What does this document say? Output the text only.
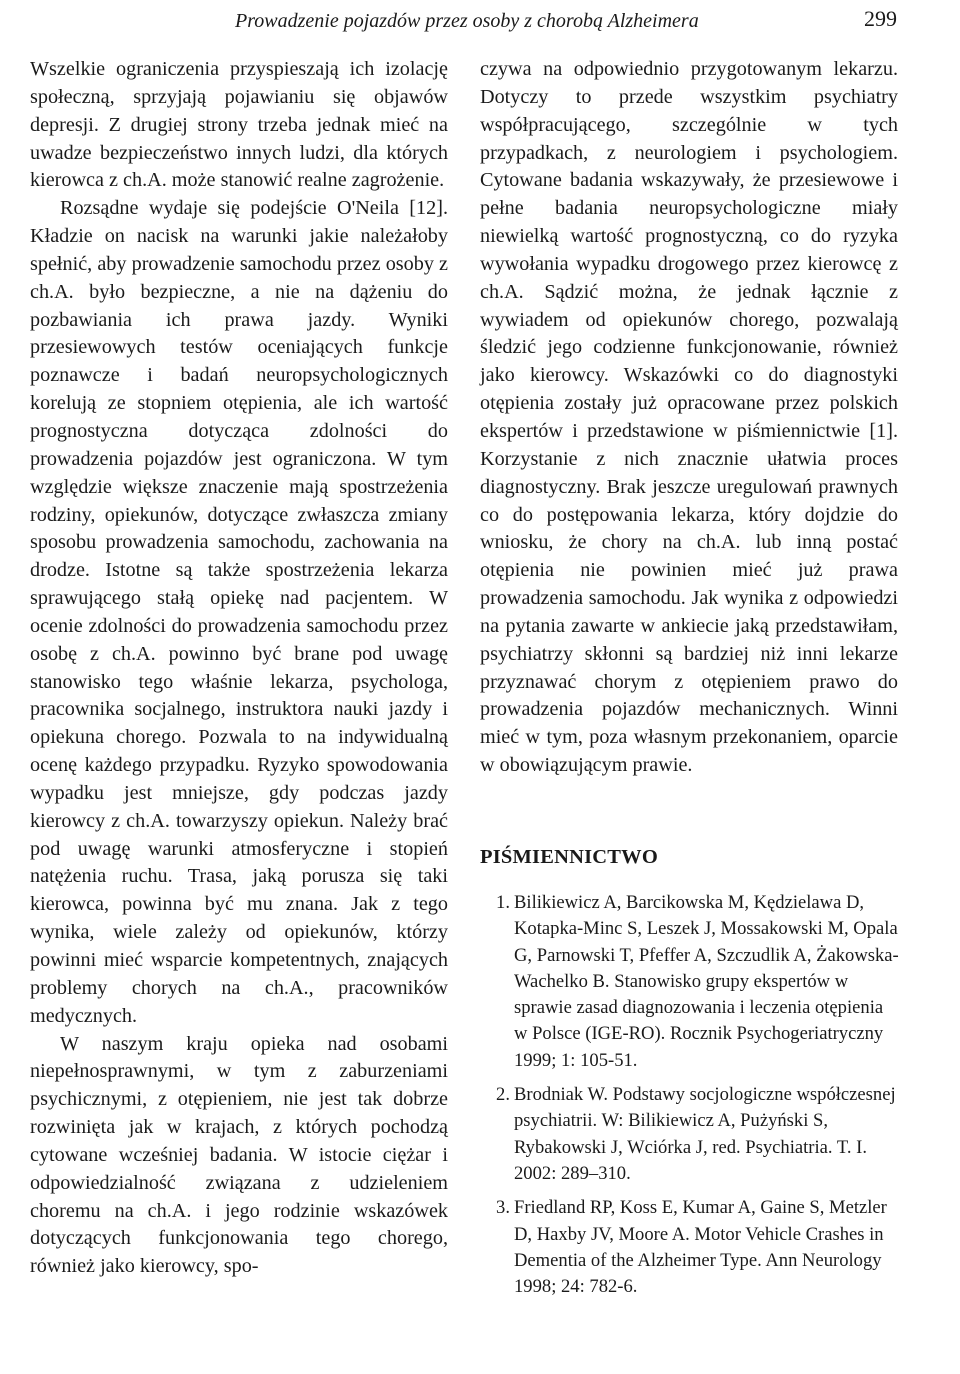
Prowadzenie pojazdów przez osoby z chorobą Alzheimera	299

Wszelkie ograniczenia przyspieszają ich izolację społeczną, sprzyjają pojawianiu się objawów depresji. Z drugiej strony trzeba jednak mieć na uwadze bezpieczeństwo innych ludzi, dla których kierowca z ch.A. może stanowić realne zagrożenie.

Rozsądne wydaje się podejście O'Neila [12]. Kładzie on nacisk na warunki jakie należałoby spełnić, aby prowadzenie samochodu przez osoby z ch.A. było bezpieczne, a nie na dążeniu do pozbawiania ich prawa jazdy. Wyniki przesiewowych testów oceniających funkcje poznawcze i badań neuropsychologicznych korelują ze stopniem otępienia, ale ich wartość prognostyczna dotycząca zdolności do prowadzenia pojazdów jest ograniczona. W tym względzie większe znaczenie mają spostrzeżenia rodziny, opiekunów, dotyczące zwłaszcza zmiany sposobu prowadzenia samochodu, zachowania na drodze. Istotne są także spostrzeżenia lekarza sprawującego stałą opiekę nad pacjentem. W ocenie zdolności do prowadzenia samochodu przez osobę z ch.A. powinno być brane pod uwagę stanowisko tego właśnie lekarza, psychologa, pracownika socjalnego, instruktora nauki jazdy i opiekuna chorego. Pozwala to na indywidualną ocenę każdego przypadku. Ryzyko spowodowania wypadku jest mniejsze, gdy podczas jazdy kierowcy z ch.A. towarzyszy opiekun. Należy brać pod uwagę warunki atmosferyczne i stopień natężenia ruchu. Trasa, jaką porusza się taki kierowca, powinna być mu znana. Jak z tego wynika, wiele zależy od opiekunów, którzy powinni mieć wsparcie kompetentnych, znających problemy chorych na ch.A., pracowników medycznych.

W naszym kraju opieka nad osobami niepełnosprawnymi, w tym z zaburzeniami psychicznymi, z otępieniem, nie jest tak dobrze rozwinięta jak w krajach, z których pochodzą cytowane wcześniej badania. W istocie ciężar i odpowiedzialność związana z udzieleniem choremu na ch.A. i jego rodzinie wskazówek dotyczących funkcjonowania tego chorego, również jako kierowcy, spo-

czywa na odpowiednio przygotowanym lekarzu. Dotyczy to przede wszystkim psychiatry współpracującego, szczególnie w tych przypadkach, z neurologiem i psychologiem. Cytowane badania wskazywały, że przesiewowe i pełne badania neuropsychologiczne miały niewielką wartość prognostyczną, co do ryzyka wywołania wypadku drogowego przez kierowcę z ch.A. Sądzić można, że jednak łącznie z wywiadem od opiekunów chorego, pozwalają śledzić jego codzienne funkcjonowanie, również jako kierowcy. Wskazówki co do diagnostyki otępienia zostały już opracowane przez polskich ekspertów i przedstawione w piśmiennictwie [1]. Korzystanie z nich znacznie ułatwia proces diagnostyczny. Brak jeszcze uregulowań prawnych co do postępowania lekarza, który dojdzie do wniosku, że chory na ch.A. lub inną postać otępienia nie powinien mieć już prawa prowadzenia samochodu. Jak wynika z odpowiedzi na pytania zawarte w ankiecie jaką przedstawiłam, psychiatrzy skłonni są bardziej niż inni lekarze przyznawać chorym z otępieniem prawo do prowadzenia pojazdów mechanicznych. Winni mieć w tym, poza własnym przekonaniem, oparcie w obowiązującym prawie.

PIŚMIENNICTWO
1. Bilikiewicz A, Barcikowska M, Kędzielawa D, Kotapka-Minc S, Leszek J, Mossakowski M, Opala G, Parnowski T, Pfeffer A, Szczudlik A, Żakowska-Wachelko B. Stanowisko grupy ekspertów w sprawie zasad diagnozowania i leczenia otępienia w Polsce (IGE-RO). Rocznik Psychogeriatryczny 1999; 1: 105-51.
2. Brodniak W. Podstawy socjologiczne współczesnej psychiatrii. W: Bilikiewicz A, Pużyński S, Rybakowski J, Wciórka J, red. Psychiatria. T. I. 2002: 289–310.
3. Friedland RP, Koss E, Kumar A, Gaine S, Metzler D, Haxby JV, Moore A. Motor Vehicle Crashes in Dementia of the Alzheimer Type. Ann Neurology 1998; 24: 782-6.
